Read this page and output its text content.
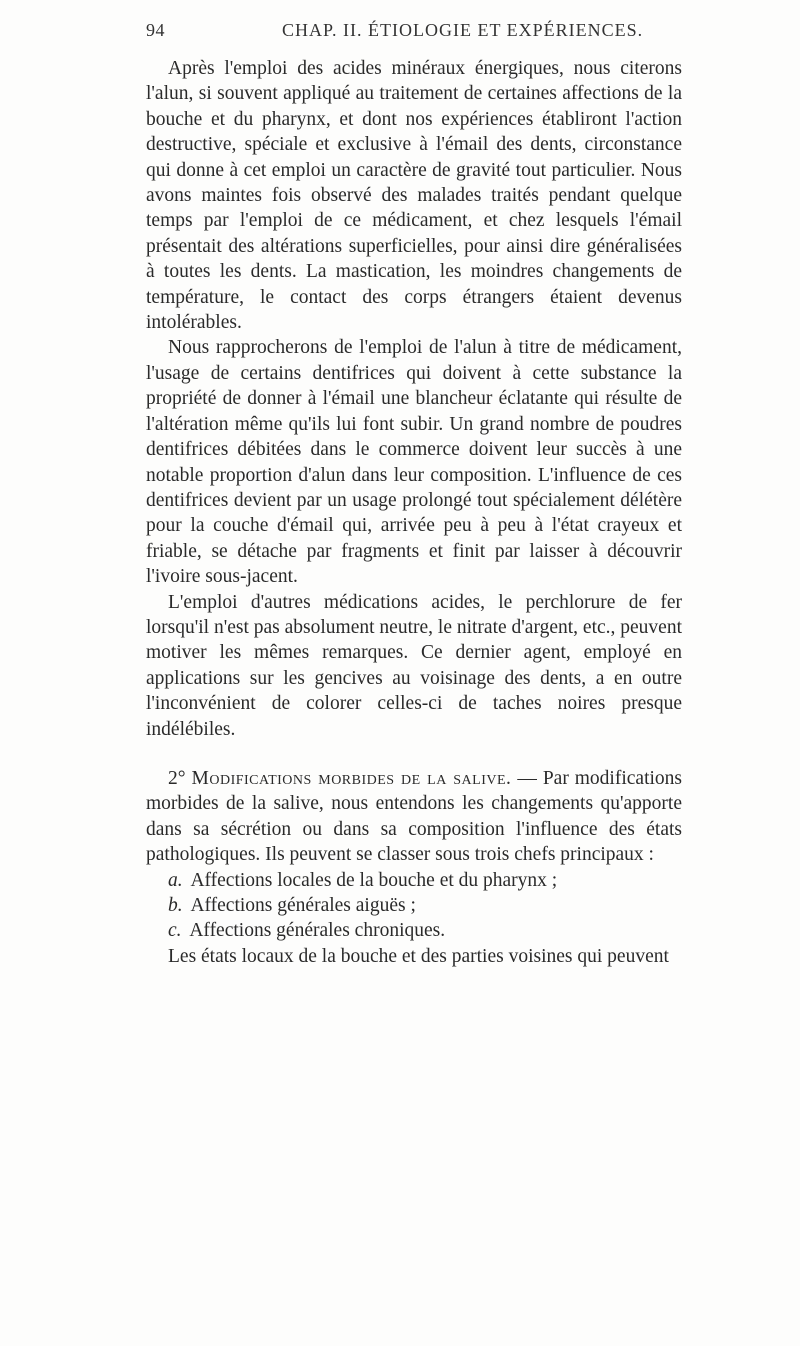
94	CHAP. II. ÉTIOLOGIE ET EXPÉRIENCES.

Après l'emploi des acides minéraux énergiques, nous citerons l'alun, si souvent appliqué au traitement de certaines affections de la bouche et du pharynx, et dont nos expériences établiront l'action destructive, spéciale et exclusive à l'émail des dents, circonstance qui donne à cet emploi un caractère de gravité tout particulier. Nous avons maintes fois observé des malades traités pendant quelque temps par l'emploi de ce médicament, et chez lesquels l'émail présentait des altérations superficielles, pour ainsi dire généralisées à toutes les dents. La mastication, les moindres changements de température, le contact des corps étrangers étaient devenus intolérables.

Nous rapprocherons de l'emploi de l'alun à titre de médicament, l'usage de certains dentifrices qui doivent à cette substance la propriété de donner à l'émail une blancheur éclatante qui résulte de l'altération même qu'ils lui font subir. Un grand nombre de poudres dentifrices débitées dans le commerce doivent leur succès à une notable proportion d'alun dans leur composition. L'influence de ces dentifrices devient par un usage prolongé tout spécialement délétère pour la couche d'émail qui, arrivée peu à peu à l'état crayeux et friable, se détache par fragments et finit par laisser à découvrir l'ivoire sous-jacent.

L'emploi d'autres médications acides, le perchlorure de fer lorsqu'il n'est pas absolument neutre, le nitrate d'argent, etc., peuvent motiver les mêmes remarques. Ce dernier agent, employé en applications sur les gencives au voisinage des dents, a en outre l'inconvénient de colorer celles-ci de taches noires presque indélébiles.

2° Modifications morbides de la salive. — Par modifications morbides de la salive, nous entendons les changements qu'apporte dans sa sécrétion ou dans sa composition l'influence des états pathologiques. Ils peuvent se classer sous trois chefs principaux :

a. Affections locales de la bouche et du pharynx ;
b. Affections générales aiguës ;
c. Affections générales chroniques.

Les états locaux de la bouche et des parties voisines qui peuvent
